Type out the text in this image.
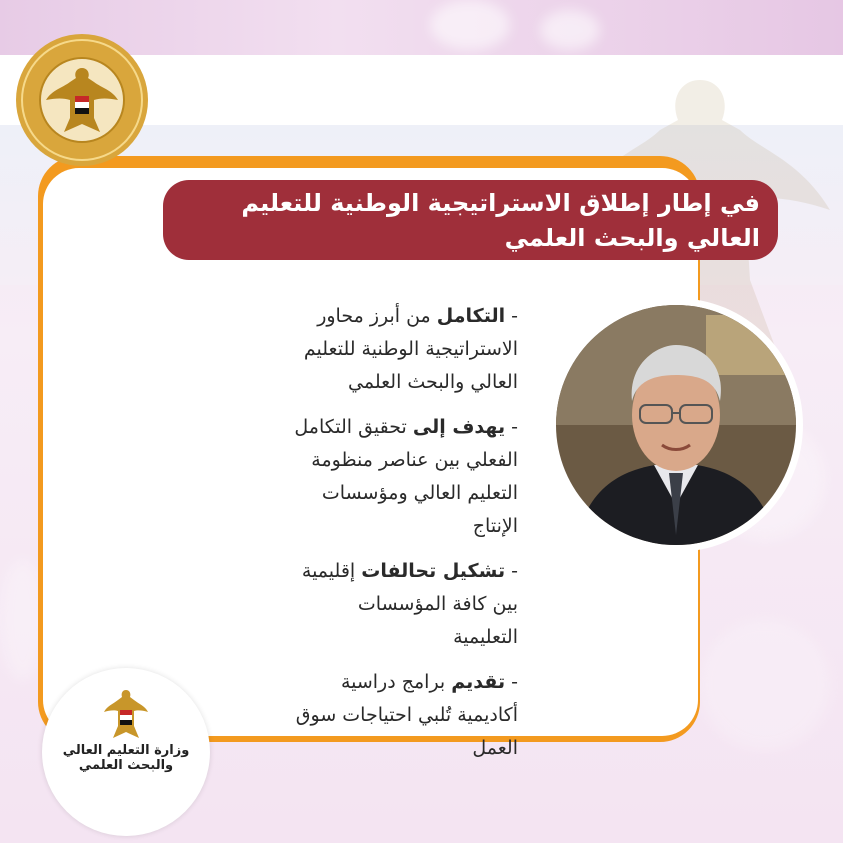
في إطار إطلاق الاستراتيجية الوطنية للتعليم
العالي والبحث العلمي
- التكامل من أبرز محاور الاستراتيجية الوطنية للتعليم العالي والبحث العلمي
- يهدف إلى تحقيق التكامل الفعلي بين عناصر منظومة التعليم العالي ومؤسسات الإنتاج
- تشكيل تحالفات إقليمية بين كافة المؤسسات التعليمية
- تقديم برامج دراسية أكاديمية تُلبي احتياجات سوق العمل
وزارة التعليم العالي والبحث العلمي
